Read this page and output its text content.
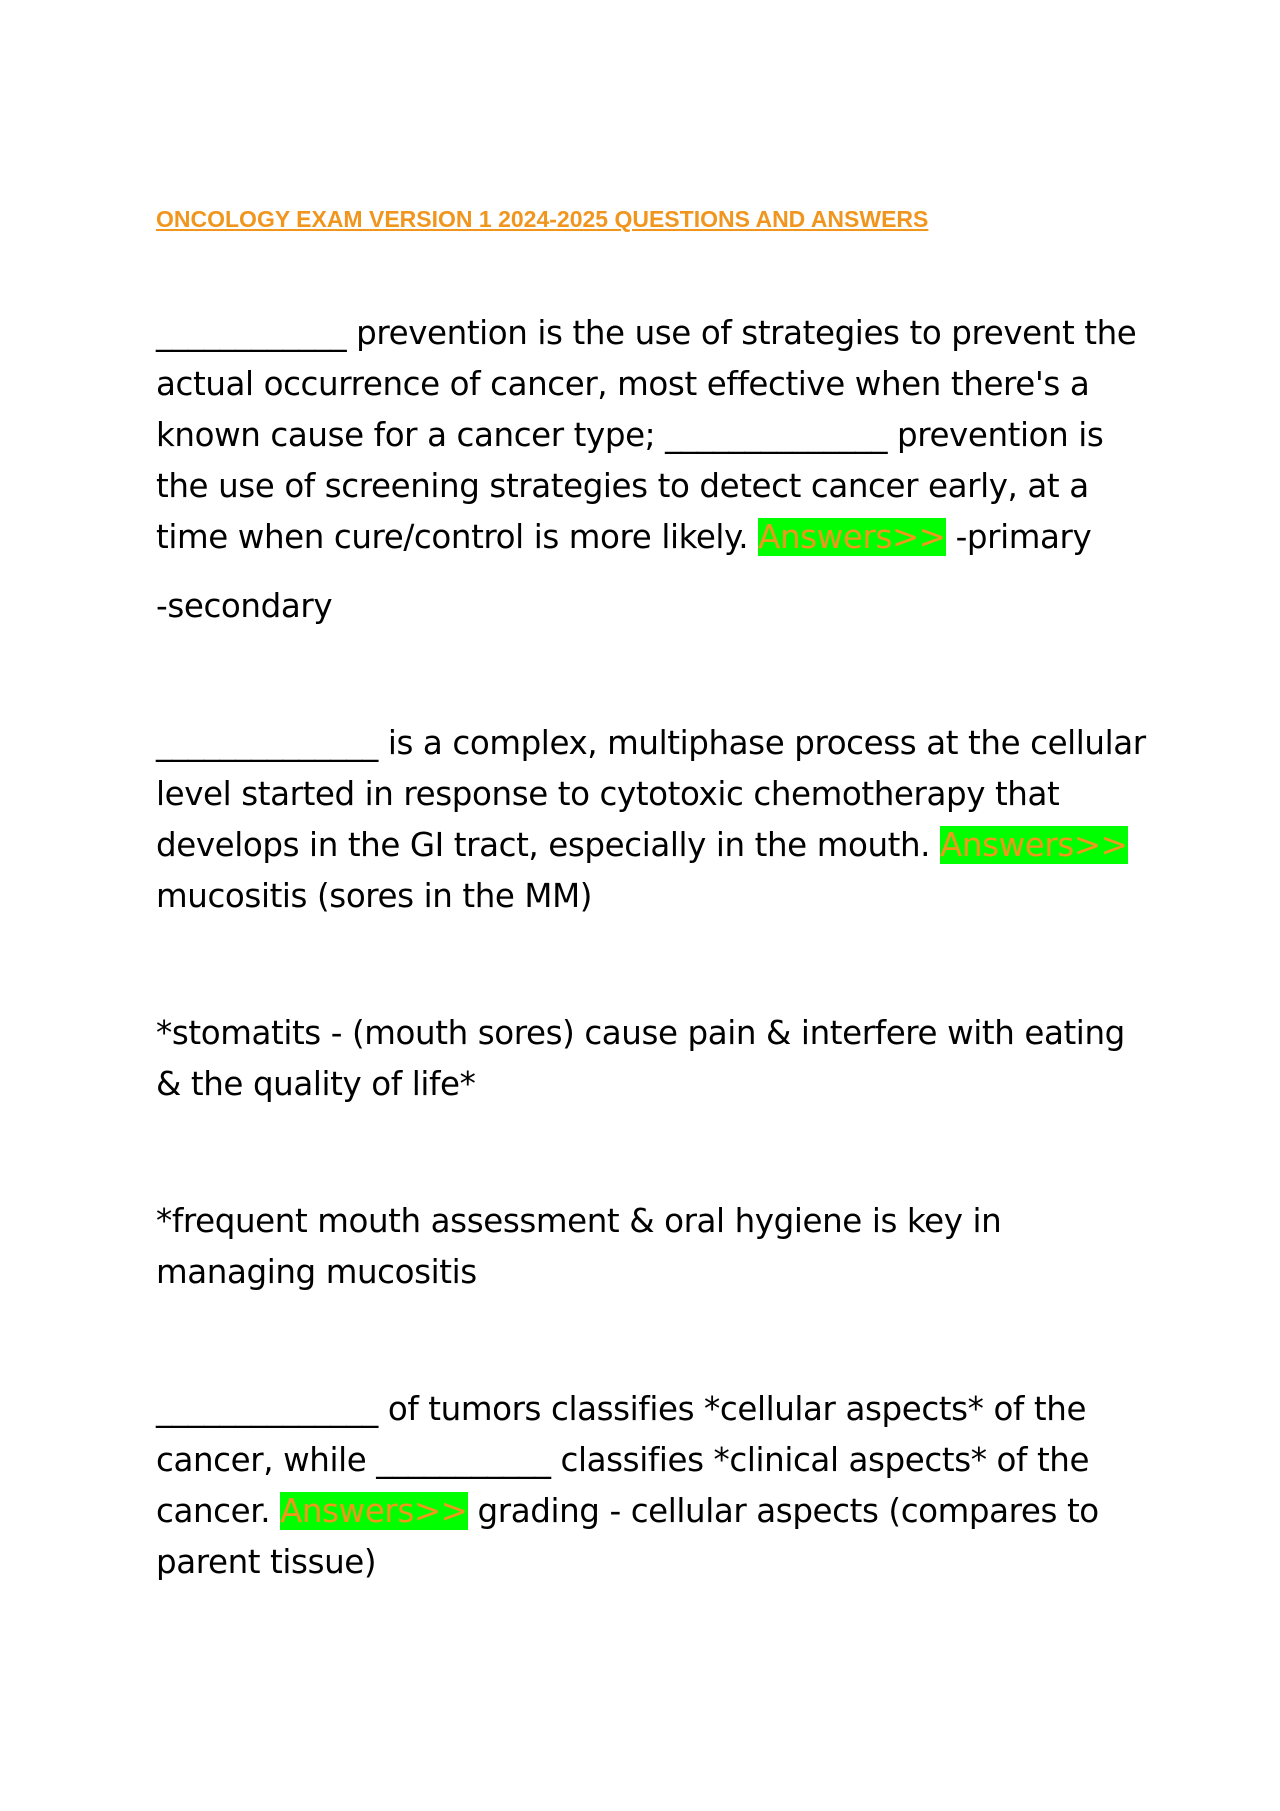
ONCOLOGY EXAM VERSION 1 2024-2025 QUESTIONS AND ANSWERS

____________ prevention is the use of strategies to prevent the actual occurrence of cancer, most effective when there's a known cause for a cancer type; ______________ prevention is the use of screening strategies to detect cancer early, at a time when cure/control is more likely. Answers>> -primary

-secondary

______________ is a complex, multiphase process at the cellular level started in response to cytotoxic chemotherapy that develops in the GI tract, especially in the mouth. Answers>> mucositis (sores in the MM)

*stomatits - (mouth sores) cause pain & interfere with eating & the quality of life*

*frequent mouth assessment & oral hygiene is key in managing mucositis

______________ of tumors classifies *cellular aspects* of the cancer, while ___________ classifies *clinical aspects* of the cancer. Answers>> grading - cellular aspects (compares to parent tissue)
